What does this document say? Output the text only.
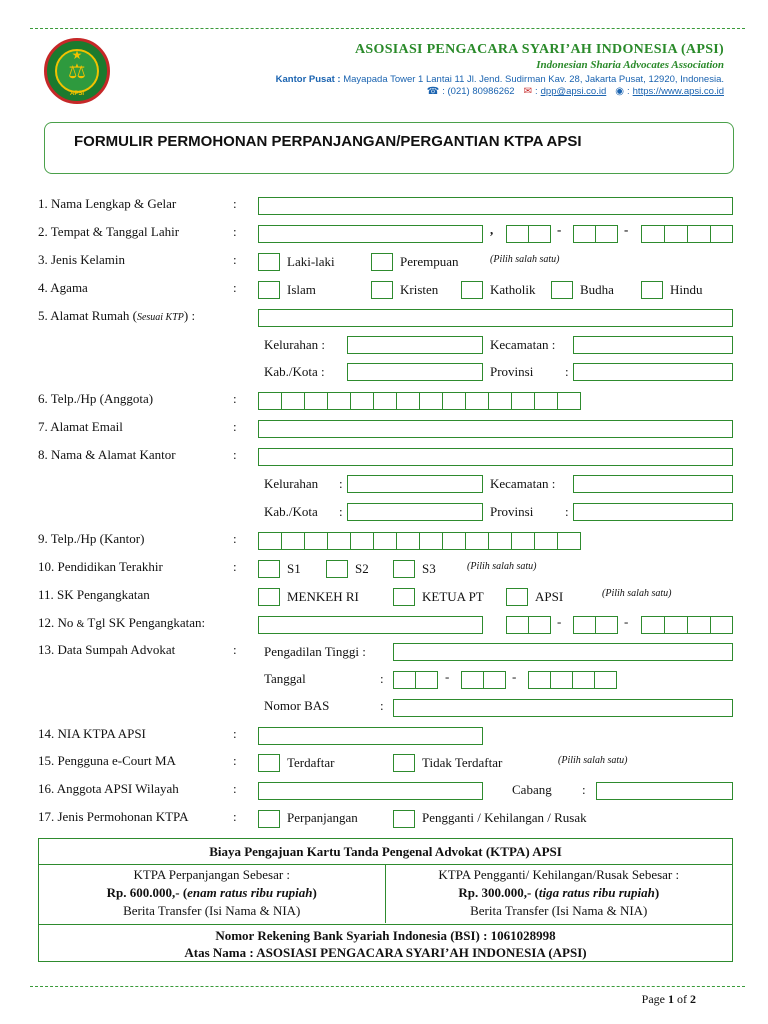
★
⚖
APSI
ASOSIASI PENGACARA SYARI’AH INDONESIA (APSI)
Indonesian Sharia Advocates Association
Kantor Pusat : Mayapada Tower 1 Lantai 11 Jl. Jend. Sudirman Kav. 28, Jakarta Pusat, 12920, Indonesia.
☎ : (021) 80986262 ✉ : dpp@apsi.co.id ◉ : https://www.apsi.co.id
FORMULIR PERMOHONAN PERPANJANGAN/PERGANTIAN KTPA APSI
1. Nama Lengkap & Gelar	:
2. Tempat & Tanggal Lahir	:	,	-	-
3. Jenis Kelamin	:	Laki-laki	Perempuan	(Pilih salah satu)
4. Agama	:	Islam	Kristen	Katholik	Budha	Hindu
5. Alamat Rumah (Sesuai KTP) :
Kelurahan :	Kecamatan :
Kab./Kota :	Provinsi :
6. Telp./Hp (Anggota)	:
7. Alamat Email	:
8. Nama & Alamat Kantor	:
Kelurahan :	Kecamatan :
Kab./Kota :	Provinsi :
9. Telp./Hp (Kantor)	:
10. Pendidikan Terakhir	:	S1	S2	S3	(Pilih salah satu)
11. SK Pengangkatan	MENKEH RI	KETUA PT	APSI	(Pilih salah satu)
12. No & Tgl SK Pengangkatan:	-	-
13. Data Sumpah Advokat	: Pengadilan Tinggi :
Tanggal	:	-	-
Nomor BAS	:
14. NIA KTPA APSI	:
15. Pengguna e-Court MA	:	Terdaftar	Tidak Terdaftar	(Pilih salah satu)
16. Anggota APSI Wilayah	:	Cabang :
17. Jenis Permohonan KTPA	:	Perpanjangan	Pengganti / Kehilangan / Rusak
Biaya Pengajuan Kartu Tanda Pengenal Advokat (KTPA) APSI
KTPA Perpanjangan Sebesar :
Rp. 600.000,- (enam ratus ribu rupiah)
Berita Transfer (Isi Nama & NIA)
KTPA Pengganti/ Kehilangan/Rusak Sebesar :
Rp. 300.000,- (tiga ratus ribu rupiah)
Berita Transfer (Isi Nama & NIA)
Nomor Rekening Bank Syariah Indonesia (BSI) : 1061028998
Atas Nama : ASOSIASI PENGACARA SYARI’AH INDONESIA (APSI)
Page 1 of 2
